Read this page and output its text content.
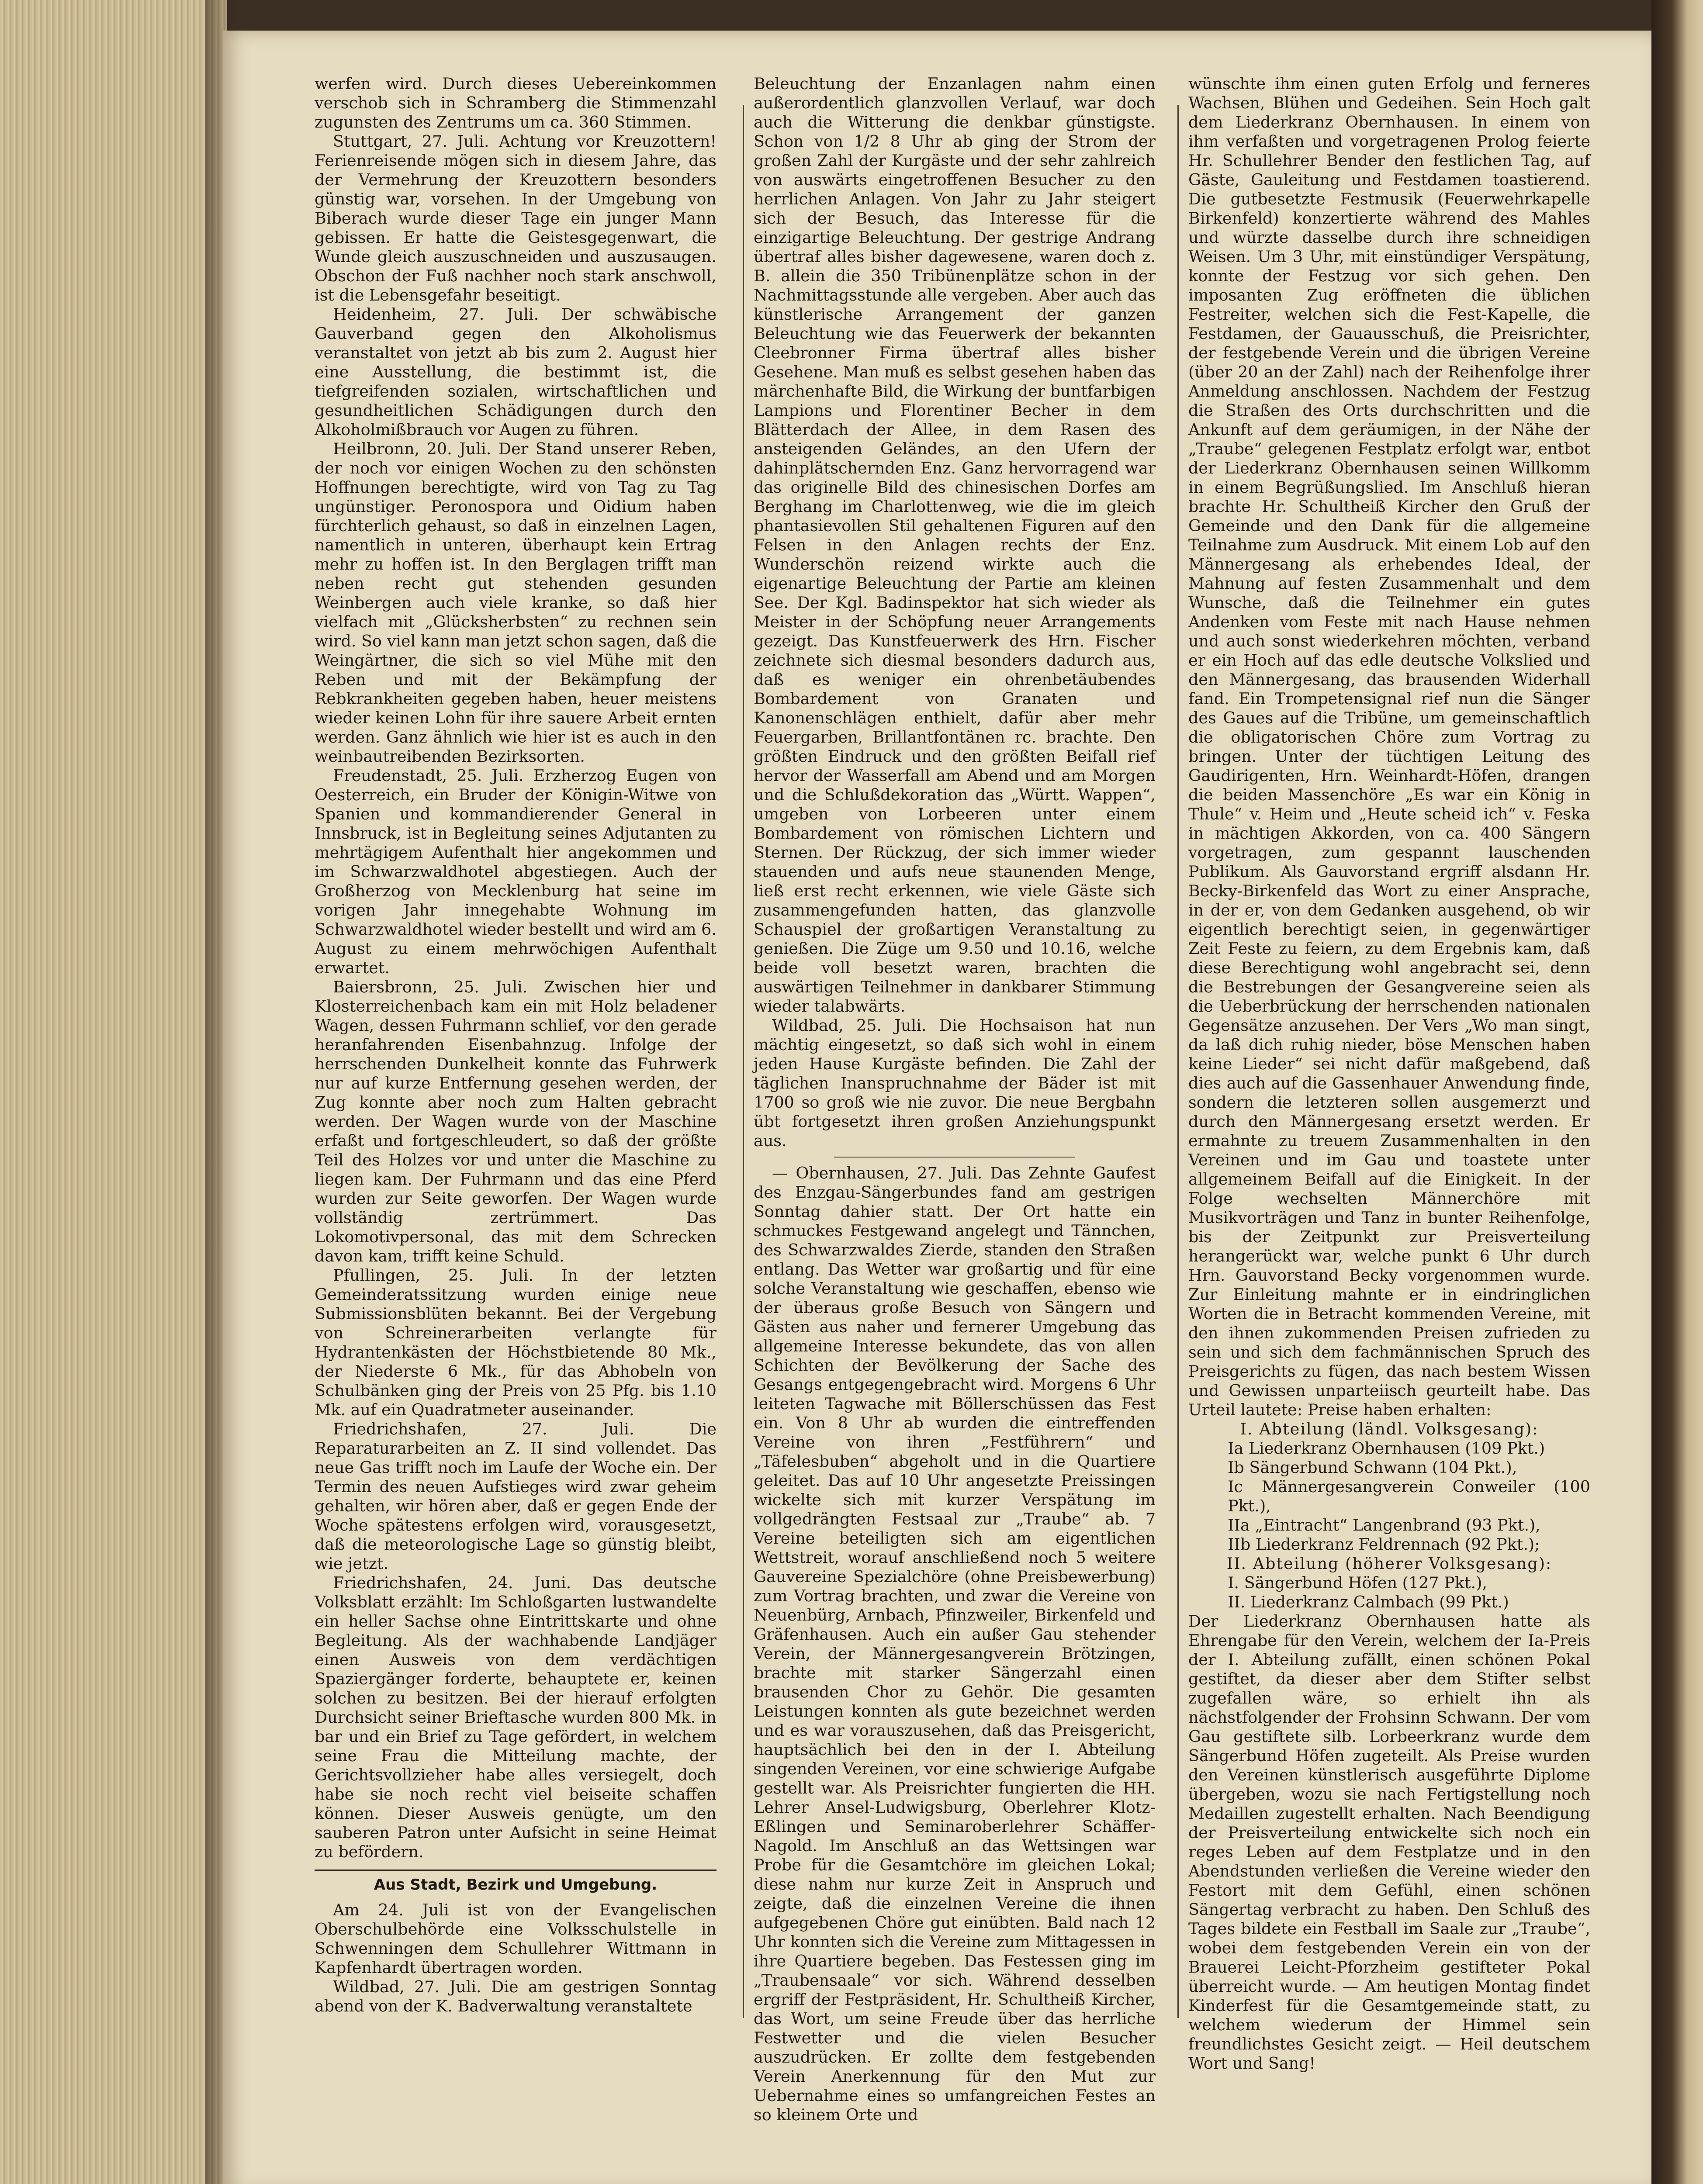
werfen wird. Durch dieses Uebereinkommen verschob sich in Schramberg die Stimmenzahl zugunsten des Zentrums um ca. 360 Stimmen.

Stuttgart, 27. Juli. Achtung vor Kreuzottern! Ferienreisende mögen sich in diesem Jahre, das der Vermehrung der Kreuzottern besonders günstig war, vorsehen. In der Umgebung von Biberach wurde dieser Tage ein junger Mann gebissen. Er hatte die Geistesgegenwart, die Wunde gleich auszuschneiden und auszusaugen. Obschon der Fuß nachher noch stark anschwoll, ist die Lebensgefahr beseitigt.

Heidenheim, 27. Juli. Der schwäbische Gauverband gegen den Alkoholismus veranstaltet von jetzt ab bis zum 2. August hier eine Ausstellung, die bestimmt ist, die tiefgreifenden sozialen, wirtschaftlichen und gesundheitlichen Schädigungen durch den Alkoholmißbrauch vor Augen zu führen.

Heilbronn, 20. Juli. Der Stand unserer Reben, der noch vor einigen Wochen zu den schönsten Hoffnungen berechtigte, wird von Tag zu Tag ungünstiger. Peronospora und Oidium haben fürchterlich gehaust, so daß in einzelnen Lagen, namentlich in unteren, überhaupt kein Ertrag mehr zu hoffen ist. In den Berglagen trifft man neben recht gut stehenden gesunden Weinbergen auch viele kranke, so daß hier vielfach mit „Glücksherbsten“ zu rechnen sein wird. So viel kann man jetzt schon sagen, daß die Weingärtner, die sich so viel Mühe mit den Reben und mit der Bekämpfung der Rebkrankheiten gegeben haben, heuer meistens wieder keinen Lohn für ihre sauere Arbeit ernten werden. Ganz ähnlich wie hier ist es auch in den weinbautreibenden Bezirksorten.

Freudenstadt, 25. Juli. Erzherzog Eugen von Oesterreich, ein Bruder der Königin-Witwe von Spanien und kommandierender General in Innsbruck, ist in Begleitung seines Adjutanten zu mehrtägigem Aufenthalt hier angekommen und im Schwarzwaldhotel abgestiegen. Auch der Großherzog von Mecklenburg hat seine im vorigen Jahr innegehabte Wohnung im Schwarzwaldhotel wieder bestellt und wird am 6. August zu einem mehrwöchigen Aufenthalt erwartet.

Baiersbronn, 25. Juli. Zwischen hier und Klosterreichenbach kam ein mit Holz beladener Wagen, dessen Fuhrmann schlief, vor den gerade heranfahrenden Eisenbahnzug. Infolge der herrschenden Dunkelheit konnte das Fuhrwerk nur auf kurze Entfernung gesehen werden, der Zug konnte aber noch zum Halten gebracht werden. Der Wagen wurde von der Maschine erfaßt und fortgeschleudert, so daß der größte Teil des Holzes vor und unter die Maschine zu liegen kam. Der Fuhrmann und das eine Pferd wurden zur Seite geworfen. Der Wagen wurde vollständig zertrümmert. Das Lokomotivpersonal, das mit dem Schrecken davon kam, trifft keine Schuld.

Pfullingen, 25. Juli. In der letzten Gemeinderatssitzung wurden einige neue Submissionsblüten bekannt. Bei der Vergebung von Schreinerarbeiten verlangte für Hydrantenkästen der Höchstbietende 80 Mk., der Niederste 6 Mk., für das Abhobeln von Schulbänken ging der Preis von 25 Pfg. bis 1.10 Mk. auf ein Quadratmeter auseinander.

Friedrichshafen, 27. Juli. Die Reparaturarbeiten an Z. II sind vollendet. Das neue Gas trifft noch im Laufe der Woche ein. Der Termin des neuen Aufstieges wird zwar geheim gehalten, wir hören aber, daß er gegen Ende der Woche spätestens erfolgen wird, vorausgesetzt, daß die meteorologische Lage so günstig bleibt, wie jetzt.

Friedrichshafen, 24. Juni. Das deutsche Volksblatt erzählt: Im Schloßgarten lustwandelte ein heller Sachse ohne Eintrittskarte und ohne Begleitung. Als der wachhabende Landjäger einen Ausweis von dem verdächtigen Spaziergänger forderte, behauptete er, keinen solchen zu besitzen. Bei der hierauf erfolgten Durchsicht seiner Brieftasche wurden 800 Mk. in bar und ein Brief zu Tage gefördert, in welchem seine Frau die Mitteilung machte, der Gerichtsvollzieher habe alles versiegelt, doch habe sie noch recht viel beiseite schaffen können. Dieser Ausweis genügte, um den sauberen Patron unter Aufsicht in seine Heimat zu befördern.

Aus Stadt, Bezirk und Umgebung.

Am 24. Juli ist von der Evangelischen Oberschulbehörde eine Volksschulstelle in Schwenningen dem Schullehrer Wittmann in Kapfenhardt übertragen worden.

Wildbad, 27. Juli. Die am gestrigen Sonntag abend von der K. Badverwaltung veranstaltete

Beleuchtung der Enzanlagen nahm einen außerordentlich glanzvollen Verlauf, war doch auch die Witterung die denkbar günstigste. Schon von 1/2 8 Uhr ab ging der Strom der großen Zahl der Kurgäste und der sehr zahlreich von auswärts eingetroffenen Besucher zu den herrlichen Anlagen. Von Jahr zu Jahr steigert sich der Besuch, das Interesse für die einzigartige Beleuchtung. Der gestrige Andrang übertraf alles bisher dagewesene, waren doch z. B. allein die 350 Tribünenplätze schon in der Nachmittagsstunde alle vergeben. Aber auch das künstlerische Arrangement der ganzen Beleuchtung wie das Feuerwerk der bekannten Cleebronner Firma übertraf alles bisher Gesehene. Man muß es selbst gesehen haben das märchenhafte Bild, die Wirkung der buntfarbigen Lampions und Florentiner Becher in dem Blätterdach der Allee, in dem Rasen des ansteigenden Geländes, an den Ufern der dahinplätschernden Enz. Ganz hervorragend war das originelle Bild des chinesischen Dorfes am Berghang im Charlottenweg, wie die im gleich phantasievollen Stil gehaltenen Figuren auf den Felsen in den Anlagen rechts der Enz. Wunderschön reizend wirkte auch die eigenartige Beleuchtung der Partie am kleinen See. Der Kgl. Badinspektor hat sich wieder als Meister in der Schöpfung neuer Arrangements gezeigt. Das Kunstfeuerwerk des Hrn. Fischer zeichnete sich diesmal besonders dadurch aus, daß es weniger ein ohrenbetäubendes Bombardement von Granaten und Kanonenschlägen enthielt, dafür aber mehr Feuergarben, Brillantfontänen rc. brachte. Den größten Eindruck und den größten Beifall rief hervor der Wasserfall am Abend und am Morgen und die Schlußdekoration das „Württ. Wappen“, umgeben von Lorbeeren unter einem Bombardement von römischen Lichtern und Sternen. Der Rückzug, der sich immer wieder stauenden und aufs neue staunenden Menge, ließ erst recht erkennen, wie viele Gäste sich zusammengefunden hatten, das glanzvolle Schauspiel der großartigen Veranstaltung zu genießen. Die Züge um 9.50 und 10.16, welche beide voll besetzt waren, brachten die auswärtigen Teilnehmer in dankbarer Stimmung wieder talabwärts.

Wildbad, 25. Juli. Die Hochsaison hat nun mächtig eingesetzt, so daß sich wohl in einem jeden Hause Kurgäste befinden. Die Zahl der täglichen Inanspruchnahme der Bäder ist mit 1700 so groß wie nie zuvor. Die neue Bergbahn übt fortgesetzt ihren großen Anziehungspunkt aus.

— Obernhausen, 27. Juli. Das Zehnte Gaufest des Enzgau-Sängerbundes fand am gestrigen Sonntag dahier statt. Der Ort hatte ein schmuckes Festgewand angelegt und Tännchen, des Schwarzwaldes Zierde, standen den Straßen entlang. Das Wetter war großartig und für eine solche Veranstaltung wie geschaffen, ebenso wie der überaus große Besuch von Sängern und Gästen aus naher und fernerer Umgebung das allgemeine Interesse bekundete, das von allen Schichten der Bevölkerung der Sache des Gesangs entgegengebracht wird. Morgens 6 Uhr leiteten Tagwache mit Böllerschüssen das Fest ein. Von 8 Uhr ab wurden die eintreffenden Vereine von ihren „Festführern“ und „Täfelesbuben“ abgeholt und in die Quartiere geleitet. Das auf 10 Uhr angesetzte Preissingen wickelte sich mit kurzer Verspätung im vollgedrängten Festsaal zur „Traube“ ab. 7 Vereine beteiligten sich am eigentlichen Wettstreit, worauf anschließend noch 5 weitere Gauvereine Spezialchöre (ohne Preisbewerbung) zum Vortrag brachten, und zwar die Vereine von Neuenbürg, Arnbach, Pfinzweiler, Birkenfeld und Gräfenhausen. Auch ein außer Gau stehender Verein, der Männergesangverein Brötzingen, brachte mit starker Sängerzahl einen brausenden Chor zu Gehör. Die gesamten Leistungen konnten als gute bezeichnet werden und es war vorauszusehen, daß das Preisgericht, hauptsächlich bei den in der I. Abteilung singenden Vereinen, vor eine schwierige Aufgabe gestellt war. Als Preisrichter fungierten die HH. Lehrer Ansel-Ludwigsburg, Oberlehrer Klotz-Eßlingen und Seminaroberlehrer Schäffer-Nagold. Im Anschluß an das Wettsingen war Probe für die Gesamtchöre im gleichen Lokal; diese nahm nur kurze Zeit in Anspruch und zeigte, daß die einzelnen Vereine die ihnen aufgegebenen Chöre gut einübten. Bald nach 12 Uhr konnten sich die Vereine zum Mittagessen in ihre Quartiere begeben. Das Festessen ging im „Traubensaale“ vor sich. Während desselben ergriff der Festpräsident, Hr. Schultheiß Kircher, das Wort, um seine Freude über das herrliche Festwetter und die vielen Besucher auszudrücken. Er zollte dem festgebenden Verein Anerkennung für den Mut zur Uebernahme eines so umfangreichen Festes an so kleinem Orte und

wünschte ihm einen guten Erfolg und ferneres Wachsen, Blühen und Gedeihen. Sein Hoch galt dem Liederkranz Obernhausen. In einem von ihm verfaßten und vorgetragenen Prolog feierte Hr. Schullehrer Bender den festlichen Tag, auf Gäste, Gauleitung und Festdamen toastierend. Die gutbesetzte Festmusik (Feuerwehrkapelle Birkenfeld) konzertierte während des Mahles und würzte dasselbe durch ihre schneidigen Weisen. Um 3 Uhr, mit einstündiger Verspätung, konnte der Festzug vor sich gehen. Den imposanten Zug eröffneten die üblichen Festreiter, welchen sich die Fest-Kapelle, die Festdamen, der Gauausschuß, die Preisrichter, der festgebende Verein und die übrigen Vereine (über 20 an der Zahl) nach der Reihenfolge ihrer Anmeldung anschlossen. Nachdem der Festzug die Straßen des Orts durchschritten und die Ankunft auf dem geräumigen, in der Nähe der „Traube“ gelegenen Festplatz erfolgt war, entbot der Liederkranz Obernhausen seinen Willkomm in einem Begrüßungslied. Im Anschluß hieran brachte Hr. Schultheiß Kircher den Gruß der Gemeinde und den Dank für die allgemeine Teilnahme zum Ausdruck. Mit einem Lob auf den Männergesang als erhebendes Ideal, der Mahnung auf festen Zusammenhalt und dem Wunsche, daß die Teilnehmer ein gutes Andenken vom Feste mit nach Hause nehmen und auch sonst wiederkehren möchten, verband er ein Hoch auf das edle deutsche Volkslied und den Männergesang, das brausenden Widerhall fand. Ein Trompetensignal rief nun die Sänger des Gaues auf die Tribüne, um gemeinschaftlich die obligatorischen Chöre zum Vortrag zu bringen. Unter der tüchtigen Leitung des Gaudirigenten, Hrn. Weinhardt-Höfen, drangen die beiden Massenchöre „Es war ein König in Thule“ v. Heim und „Heute scheid ich“ v. Feska in mächtigen Akkorden, von ca. 400 Sängern vorgetragen, zum gespannt lauschenden Publikum. Als Gauvorstand ergriff alsdann Hr. Becky-Birkenfeld das Wort zu einer Ansprache, in der er, von dem Gedanken ausgehend, ob wir eigentlich berechtigt seien, in gegenwärtiger Zeit Feste zu feiern, zu dem Ergebnis kam, daß diese Berechtigung wohl angebracht sei, denn die Bestrebungen der Gesangvereine seien als die Ueberbrückung der herrschenden nationalen Gegensätze anzusehen. Der Vers „Wo man singt, da laß dich ruhig nieder, böse Menschen haben keine Lieder“ sei nicht dafür maßgebend, daß dies auch auf die Gassenhauer Anwendung finde, sondern die letzteren sollen ausgemerzt und durch den Männergesang ersetzt werden. Er ermahnte zu treuem Zusammenhalten in den Vereinen und im Gau und toastete unter allgemeinem Beifall auf die Einigkeit. In der Folge wechselten Männerchöre mit Musikvorträgen und Tanz in bunter Reihenfolge, bis der Zeitpunkt zur Preisverteilung herangerückt war, welche punkt 6 Uhr durch Hrn. Gauvorstand Becky vorgenommen wurde. Zur Einleitung mahnte er in eindringlichen Worten die in Betracht kommenden Vereine, mit den ihnen zukommenden Preisen zufrieden zu sein und sich dem fachmännischen Spruch des Preisgerichts zu fügen, das nach bestem Wissen und Gewissen unparteiisch geurteilt habe. Das Urteil lautete: Preise haben erhalten:

I. Abteilung (ländl. Volksgesang):

Ia Liederkranz Obernhausen (109 Pkt.)
Ib Sängerbund Schwann (104 Pkt.),
Ic Männergesangverein Conweiler (100 Pkt.),
IIa „Eintracht“ Langenbrand (93 Pkt.),
IIb Liederkranz Feldrennach (92 Pkt.);

II. Abteilung (höherer Volksgesang):

I. Sängerbund Höfen (127 Pkt.),
II. Liederkranz Calmbach (99 Pkt.)

Der Liederkranz Obernhausen hatte als Ehrengabe für den Verein, welchem der Ia-Preis der I. Abteilung zufällt, einen schönen Pokal gestiftet, da dieser aber dem Stifter selbst zugefallen wäre, so erhielt ihn als nächstfolgender der Frohsinn Schwann. Der vom Gau gestiftete silb. Lorbeerkranz wurde dem Sängerbund Höfen zugeteilt. Als Preise wurden den Vereinen künstlerisch ausgeführte Diplome übergeben, wozu sie nach Fertigstellung noch Medaillen zugestellt erhalten. Nach Beendigung der Preisverteilung entwickelte sich noch ein reges Leben auf dem Festplatze und in den Abendstunden verließen die Vereine wieder den Festort mit dem Gefühl, einen schönen Sängertag verbracht zu haben. Den Schluß des Tages bildete ein Festball im Saale zur „Traube“, wobei dem festgebenden Verein ein von der Brauerei Leicht-Pforzheim gestifteter Pokal überreicht wurde. — Am heutigen Montag findet Kinderfest für die Gesamtgemeinde statt, zu welchem wiederum der Himmel sein freundlichstes Gesicht zeigt. — Heil deutschem Wort und Sang!
